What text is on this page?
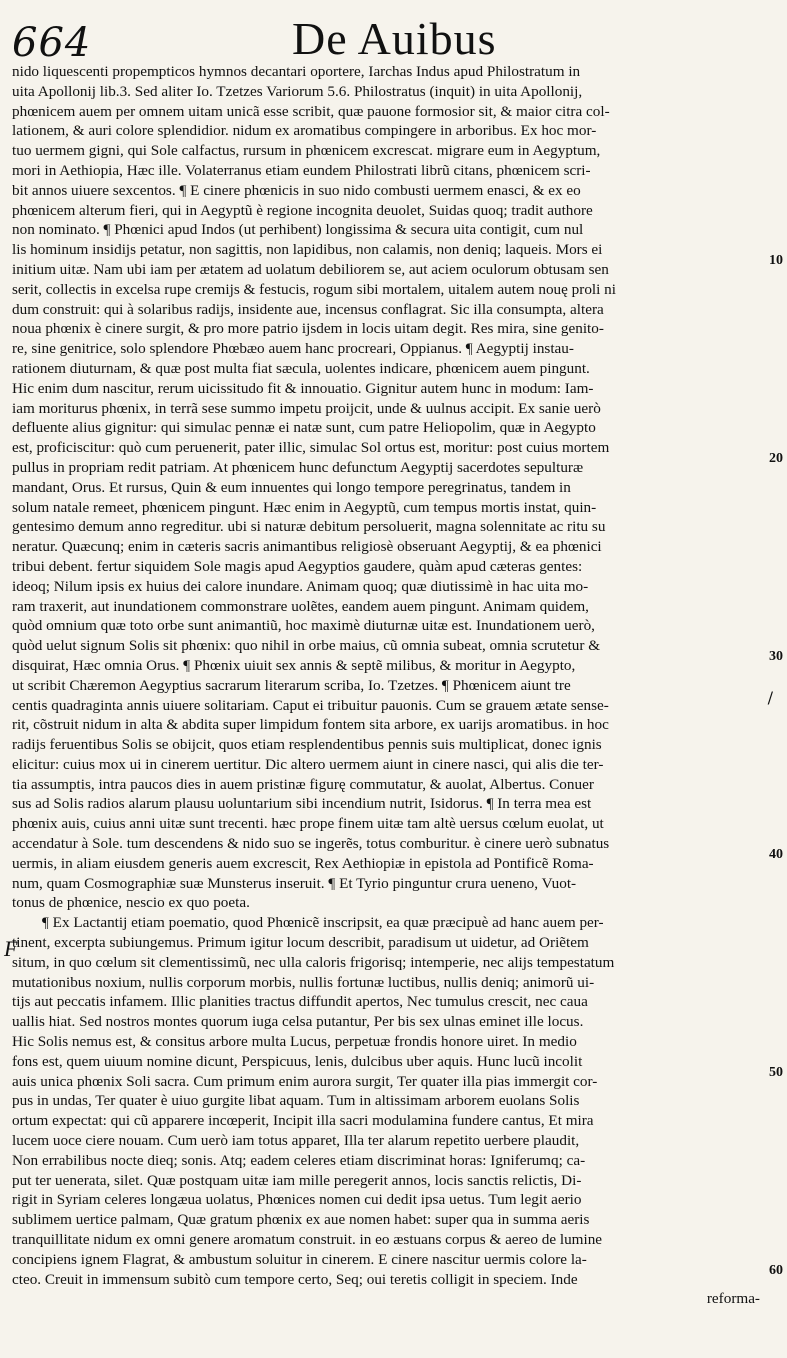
664	De Auibus
nido liquescenti propempticos hymnos decantari oportere, Iarchas Indus apud Philostratum in
uita Apollonij lib.3. Sed aliter Io. Tzetzes Variorum 5.6. Philostratus (inquit) in uita Apollonij,
phœnicem auem per omnem uitam unicã esse scribit, quæ pauone formosior sit, & maior citra col-
lationem, & auri colore splendidior. nidum ex aromatibus compingere in arboribus. Ex hoc mor-
tuo uermem gigni, qui Sole calfactus, rursum in phœnicem excrescat. migrare eum in Aegyptum,
mori in Aethiopia, Hæc ille. Volaterranus etiam eundem Philostrati librũ citans, phœnicem scri-
bit annos uiuere sexcentos. ¶ E cinere phœnicis in suo nido combusti uermem enasci, & ex eo
phœnicem alterum fieri, qui in Aegyptũ è regione incognita deuolet, Suidas quoq; tradit authore
non nominato. ¶ Phœnici apud Indos (ut perhibent) longissima & secura uita contigit, cum nul
lis hominum insidijs petatur, non sagittis, non lapidibus, non calamis, non deniq; laqueis. Mors ei
initium uitæ. Nam ubi iam per ætatem ad uolatum debiliorem se, aut aciem oculorum obtusam sen
serit, collectis in excelsa rupe cremijs & festucis, rogum sibi mortalem, uitalem autem nouę proli ni
dum construit: qui à solaribus radijs, insidente aue, incensus conflagrat. Sic illa consumpta, altera
noua phœnix è cinere surgit, & pro more patrio ijsdem in locis uitam degit. Res mira, sine genito-
re, sine genitrice, solo splendore Phœbæo auem hanc procreari, Oppianus. ¶ Aegyptij instau-
rationem diuturnam, & quæ post multa fiat sæcula, uolentes indicare, phœnicem auem pingunt.
Hic enim dum nascitur, rerum uicissitudo fit & innouatio. Gignitur autem hunc in modum: Iam-
iam moriturus phœnix, in terrã sese summo impetu proijcit, unde & uulnus accipit. Ex sanie uerò
defluente alius gignitur: qui simulac pennæ ei natæ sunt, cum patre Heliopolim, quæ in Aegypto
est, proficiscitur: quò cum peruenerit, pater illic, simulac Sol ortus est, moritur: post cuius mortem
pullus in propriam redit patriam. At phœnicem hunc defunctum Aegyptij sacerdotes sepulturæ
mandant, Orus. Et rursus, Quin & eum innuentes qui longo tempore peregrinatus, tandem in
solum natale remeet, phœnicem pingunt. Hæc enim in Aegyptũ, cum tempus mortis instat, quin-
gentesimo demum anno regreditur. ubi si naturæ debitum persoluerit, magna solennitate ac ritu su
neratur. Quæcunq; enim in cæteris sacris animantibus religiosè obseruant Aegyptij, & ea phœnici
tribui debent. fertur siquidem Sole magis apud Aegyptios gaudere, quàm apud cæteras gentes:
ideoq; Nilum ipsis ex huius dei calore inundare. Animam quoq; quæ diutissimè in hac uita mo-
ram traxerit, aut inundationem commonstrare uolẽtes, eandem auem pingunt. Animam quidem,
quòd omnium quæ toto orbe sunt animantiũ, hoc maximè diuturnæ uitæ est. Inundationem uerò,
quòd uelut signum Solis sit phœnix: quo nihil in orbe maius, cũ omnia subeat, omnia scrutetur &
disquirat, Hæc omnia Orus. ¶ Phœnix uiuit sex annis & septẽ milibus, & moritur in Aegypto,
ut scribit Chæremon Aegyptius sacrarum literarum scriba, Io. Tzetzes. ¶ Phœnicem aiunt tre
centis quadraginta annis uiuere solitariam. Caput ei tribuitur pauonis. Cum se grauem ætate sense-
rit, cõstruit nidum in alta & abdita super limpidum fontem sita arbore, ex uarijs aromatibus. in hoc
radijs feruentibus Solis se obijcit, quos etiam resplendentibus pennis suis multiplicat, donec ignis
elicitur: cuius mox ui in cinerem uertitur. Dic altero uermem aiunt in cinere nasci, qui alis die ter-
tia assumptis, intra paucos dies in auem pristinæ figurę commutatur, & auolat, Albertus. Conuer
sus ad Solis radios alarum plausu uoluntarium sibi incendium nutrit, Isidorus. ¶ In terra mea est
phœnix auis, cuius anni uitæ sunt trecenti. hæc prope finem uitæ tam altè uersus cœlum euolat, ut
accendatur à Sole. tum descendens & nido suo se ingerẽs, totus comburitur. è cinere uerò subnatus
uermis, in aliam eiusdem generis auem excrescit, Rex Aethiopiæ in epistola ad Pontificẽ Roma-
num, quam Cosmographiæ suæ Munsterus inseruit. ¶ Et Tyrio pinguntur crura ueneno, Vuot-
tonus de phœnice, nescio ex quo poeta.
¶ Ex Lactantij etiam poematio, quod Phœnicẽ inscripsit, ea quæ præcipuè ad hanc auem per-
tinent, excerpta subiungemus. Primum igitur locum describit, paradisum ut uidetur, ad Oriẽtem
situm, in quo cœlum sit clementissimũ, nec ulla caloris frigorisq; intemperie, nec alijs tempestatum
mutationibus noxium, nullis corporum morbis, nullis fortunæ luctibus, nullis deniq; animorũ ui-
tijs aut peccatis infamem. Illic planities tractus diffundit apertos, Nec tumulus crescit, nec caua
uallis hiat. Sed nostros montes quorum iuga celsa putantur, Per bis sex ulnas eminet ille locus.
Hic Solis nemus est, & consitus arbore multa Lucus, perpetuæ frondis honore uiret. In medio
fons est, quem uiuum nomine dicunt, Perspicuus, lenis, dulcibus uber aquis. Hunc lucũ incolit
auis unica phœnix Soli sacra. Cum primum enim aurora surgit, Ter quater illa pias immergit cor-
pus in undas, Ter quater è uiuo gurgite libat aquam. Tum in altissimam arborem euolans Solis
ortum expectat: qui cũ apparere incœperit, Incipit illa sacri modulamina fundere cantus, Et mira
lucem uoce ciere nouam. Cum uerò iam totus apparet, Illa ter alarum repetito uerbere plaudit,
Non errabilibus nocte dieq; sonis. Atq; eadem celeres etiam discriminat horas: Igniferumq; ca-
put ter uenerata, silet. Quæ postquam uitæ iam mille peregerit annos, locis sanctis relictis, Di-
rigit in Syriam celeres longæua uolatus, Phœnices nomen cui dedit ipsa uetus. Tum legit aerio
sublimem uertice palmam, Quæ gratum phœnix ex aue nomen habet: super qua in summa aeris
tranquillitate nidum ex omni genere aromatum construit. in eo æstuans corpus & aereo de lumine
concipiens ignem Flagrat, & ambustum soluitur in cinerem. E cinere nascitur uermis colore la-
cteo. Creuit in immensum subitò cum tempore certo, Seq; oui teretis colligit in speciem. Inde
reforma-
10
20
30
40
50
60
F
/
